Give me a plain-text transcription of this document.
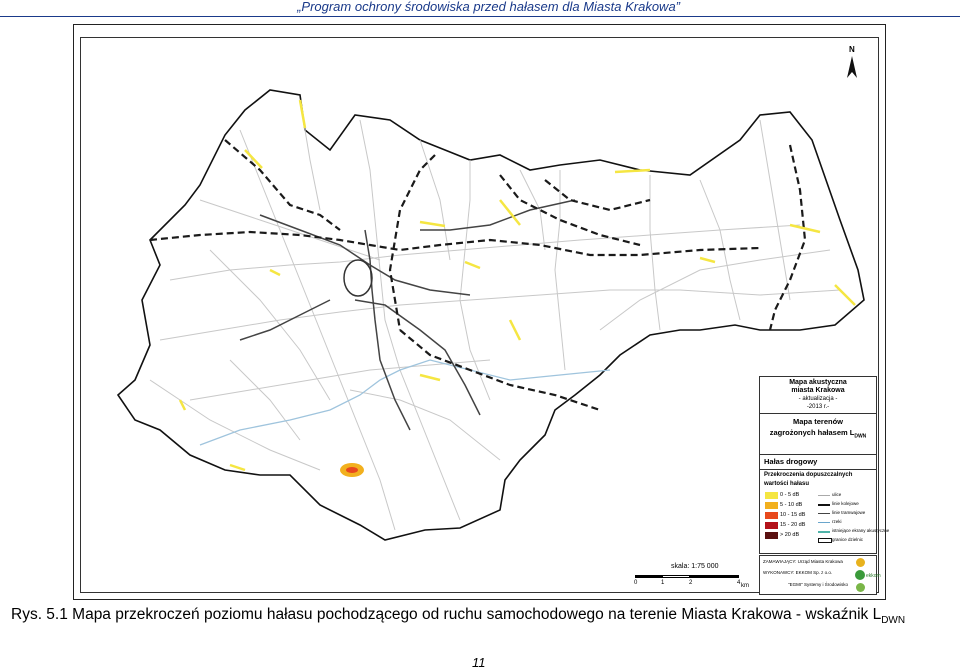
„Program ochrony środowiska przed hałasem dla Miasta Krakowa”
N
skala: 1:75 000
0	1	2	4 km
Mapa akustyczna
miasta Krakowa
- aktualizacja -
-2013 r.-
Mapa terenów
zagrożonych hałasem $L_{DWN}$
Hałas drogowy
Przekroczenia dopuszczalnych
wartości hałasu
0 - 5 dB
5 - 10 dB
10 - 15 dB
15 - 20 dB
> 20 dB
ulice
linie kolejowe
linie tramwajowe
rzeki
istniejące ekrany akustyczne
granice dzielnic
ZAMAWIAJĄCY: Urząd Miasta Krakowa
WYKONAWCY: EKKOM Sp. z o.o.
"EGMI" Systemy i Środowisko
ekkom
Rys. 5.1 Mapa przekroczeń poziomu hałasu pochodzącego od ruchu samochodowego na terenie Miasta Krakowa - wskaźnik $L_{DWN}$
11
